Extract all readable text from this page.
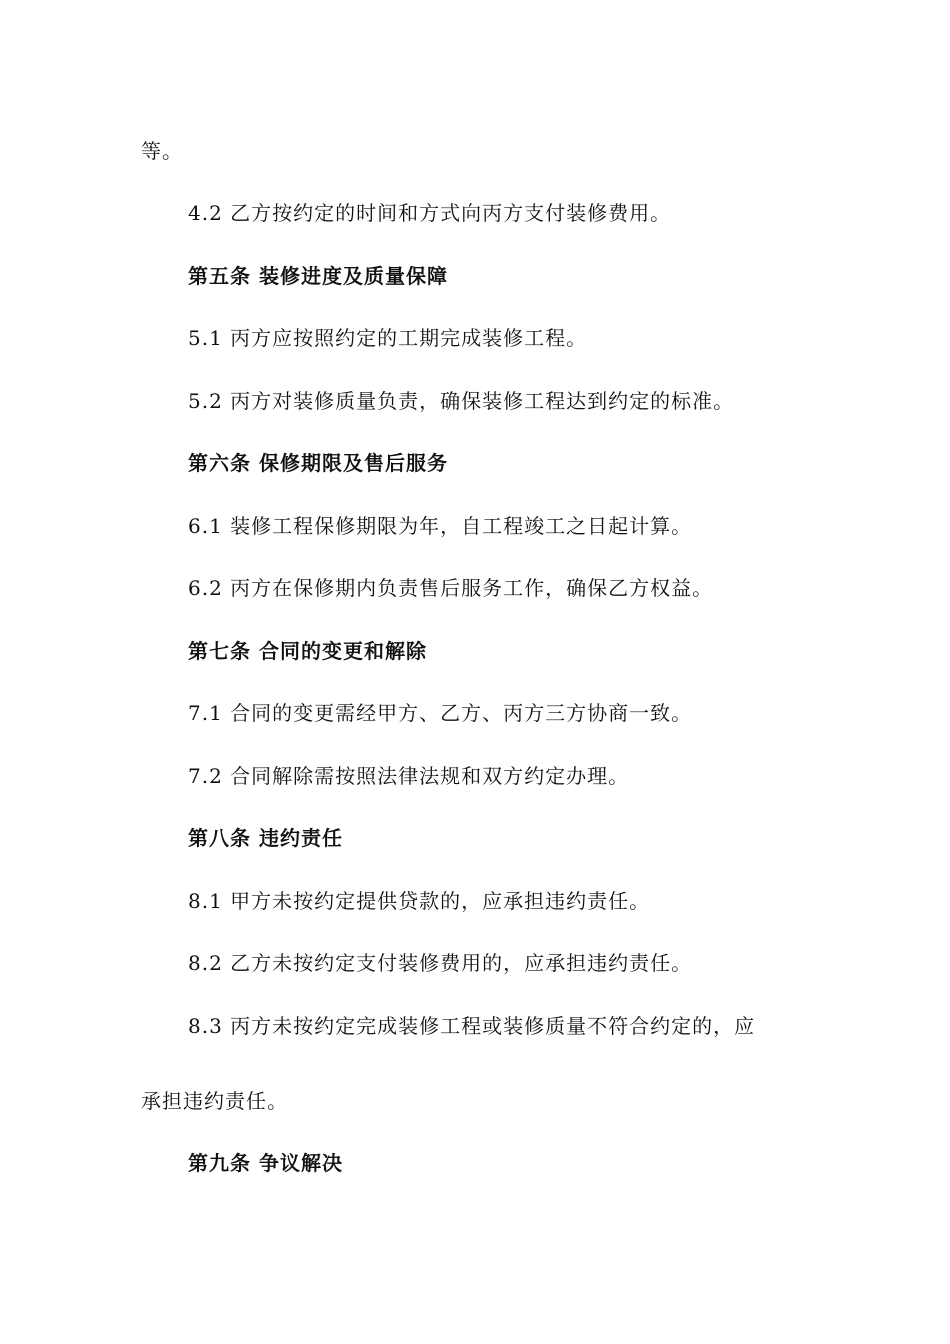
等。
4.2 乙方按约定的时间和方式向丙方支付装修费用。
第五条 装修进度及质量保障
5.1 丙方应按照约定的工期完成装修工程。
5.2 丙方对装修质量负责，确保装修工程达到约定的标准。
第六条 保修期限及售后服务
6.1 装修工程保修期限为年，自工程竣工之日起计算。
6.2 丙方在保修期内负责售后服务工作，确保乙方权益。
第七条 合同的变更和解除
7.1 合同的变更需经甲方、乙方、丙方三方协商一致。
7.2 合同解除需按照法律法规和双方约定办理。
第八条 违约责任
8.1 甲方未按约定提供贷款的，应承担违约责任。
8.2 乙方未按约定支付装修费用的，应承担违约责任。
8.3 丙方未按约定完成装修工程或装修质量不符合约定的，应
承担违约责任。
第九条 争议解决
